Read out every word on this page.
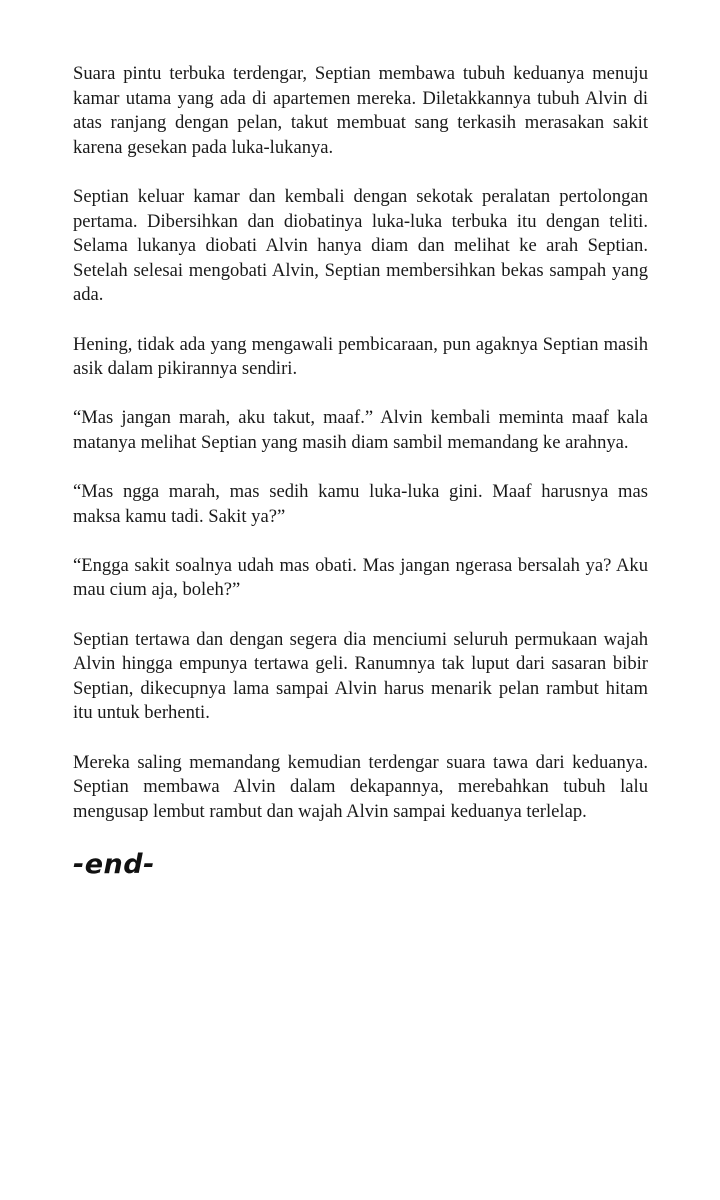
Suara pintu terbuka terdengar, Septian membawa tubuh keduanya menuju kamar utama yang ada di apartemen mereka. Diletakkannya tubuh Alvin di atas ranjang dengan pelan, takut membuat sang terkasih merasakan sakit karena gesekan pada luka-lukanya.

Septian keluar kamar dan kembali dengan sekotak peralatan pertolongan pertama. Dibersihkan dan diobatinya luka-luka terbuka itu dengan teliti. Selama lukanya diobati Alvin hanya diam dan melihat ke arah Septian. Setelah selesai mengobati Alvin, Septian membersihkan bekas sampah yang ada.

Hening, tidak ada yang mengawali pembicaraan, pun agaknya Septian masih asik dalam pikirannya sendiri.

“Mas jangan marah, aku takut, maaf.” Alvin kembali meminta maaf kala matanya melihat Septian yang masih diam sambil memandang ke arahnya.

“Mas ngga marah, mas sedih kamu luka-luka gini. Maaf harusnya mas maksa kamu tadi. Sakit ya?”

“Engga sakit soalnya udah mas obati. Mas jangan ngerasa bersalah ya? Aku mau cium aja, boleh?”

Septian tertawa dan dengan segera dia menciumi seluruh permukaan wajah Alvin hingga empunya tertawa geli. Ranumnya tak luput dari sasaran bibir Septian, dikecupnya lama sampai Alvin harus menarik pelan rambut hitam itu untuk berhenti.

Mereka saling memandang kemudian terdengar suara tawa dari keduanya. Septian membawa Alvin dalam dekapannya, merebahkan tubuh lalu mengusap lembut rambut dan wajah Alvin sampai keduanya terlelap.

-end-
